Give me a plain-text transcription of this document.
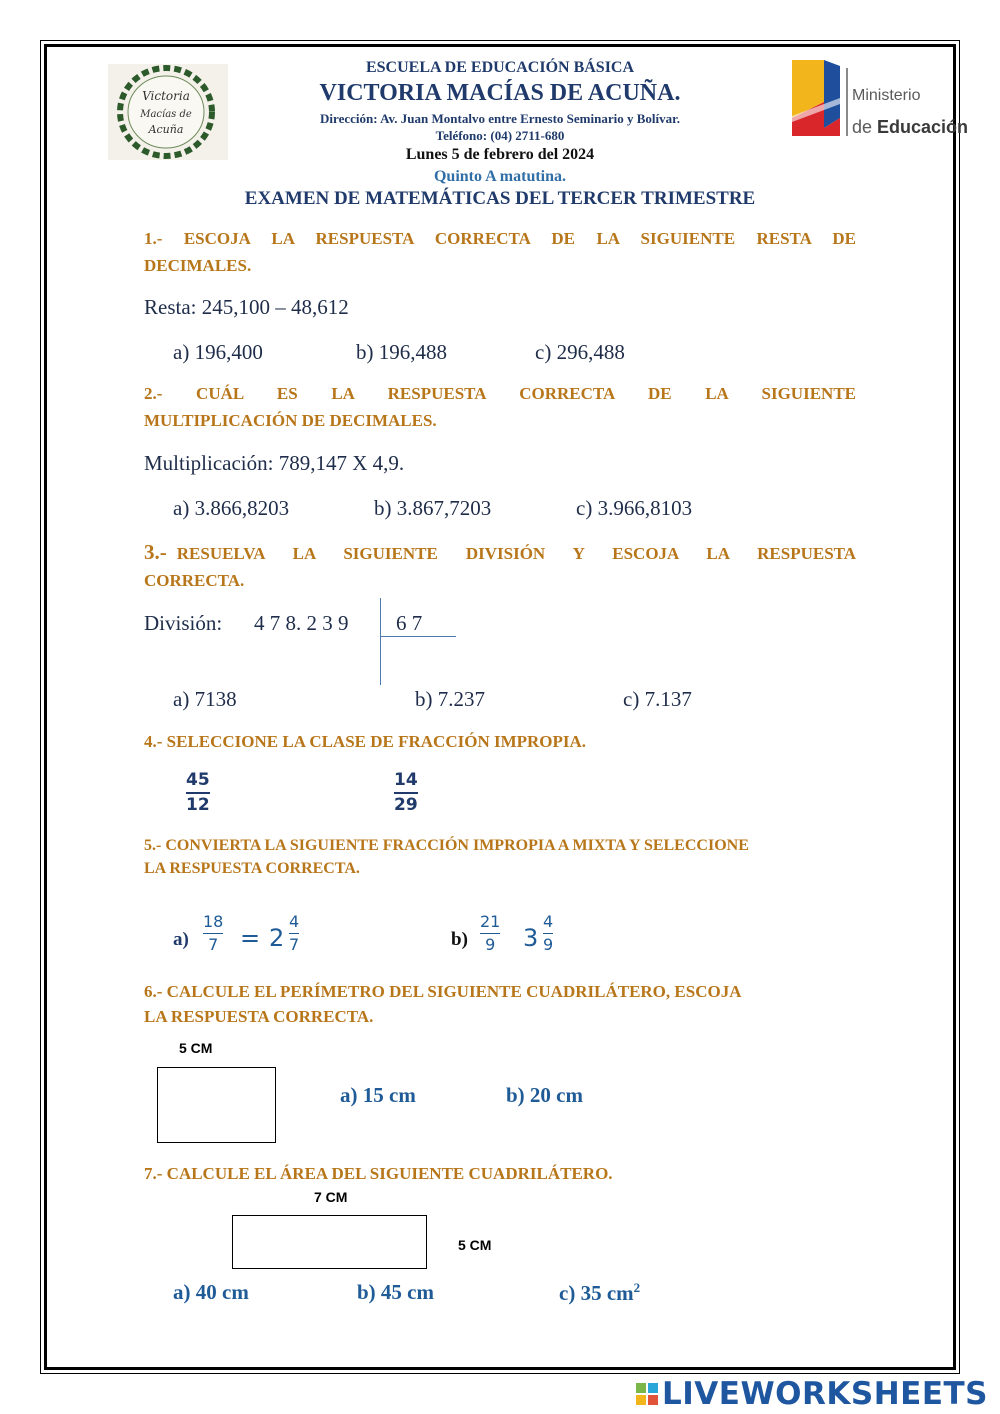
Victoria
Macías de
Acuña
Ministerio
de Educación
ESCUELA DE EDUCACIÓN BÁSICA
VICTORIA MACÍAS DE ACUÑA.
Dirección: Av. Juan Montalvo entre Ernesto Seminario y Bolívar.
Teléfono: (04) 2711-680
Lunes 5 de febrero del 2024
Quinto A matutina.
EXAMEN DE MATEMÁTICAS DEL TERCER TRIMESTRE
1.- ESCOJA LA RESPUESTA CORRECTA DE LA SIGUIENTE RESTA DE
DECIMALES.
Resta: 245,100 – 48,612
a) 196,400	b) 196,488	c) 296,488
2.- CUÁL ES LA RESPUESTA CORRECTA DE LA SIGUIENTE
MULTIPLICACIÓN DE DECIMALES.
Multiplicación: 789,147 X 4,9.
a) 3.866,8203	b) 3.867,7203	c) 3.966,8103
3.- RESUELVA LA SIGUIENTE DIVISIÓN Y ESCOJA LA RESPUESTA
CORRECTA.
División: 4 7 8. 2 3 9 6 7
a) 7138	b) 7.237	c) 7.137
4.- SELECCIONE LA CLASE DE FRACCIÓN IMPROPIA.
45
12
14
29
5.- CONVIERTA LA SIGUIENTE FRACCIÓN IMPROPIA A MIXTA Y SELECCIONE
LA RESPUESTA CORRECTA.
a)
18
7 = 2
4
7	b)
21
9 3
4
9
6.- CALCULE EL PERÍMETRO DEL SIGUIENTE CUADRILÁTERO, ESCOJA
LA RESPUESTA CORRECTA.
5 CM
a) 15 cm	b) 20 cm
7.- CALCULE EL ÁREA DEL SIGUIENTE CUADRILÁTERO.
7 CM
5 CM
a) 40 cm	b) 45 cm	c) 35 $cm^2$
LIVEWORKSHEETS
